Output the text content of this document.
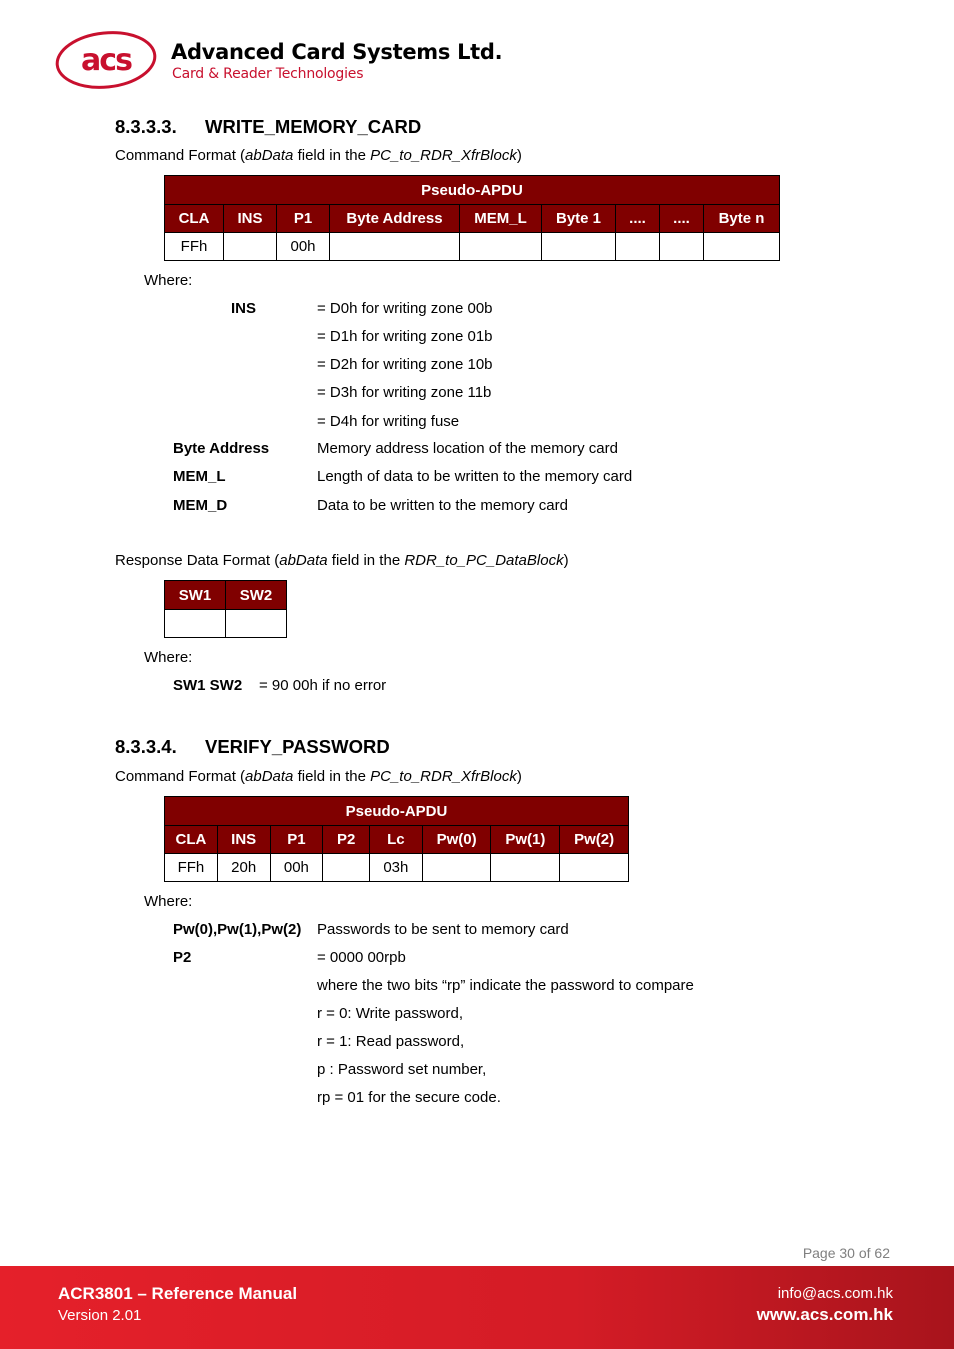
acs Advanced Card Systems Ltd.
Card & Reader Technologies
8.3.3.3. WRITE_MEMORY_CARD
Command Format (abData field in the PC_to_RDR_XfrBlock)
Pseudo-APDU								
CLA	INS	P1	Byte Address	MEM_L	Byte 1	....	....	Byte n
FFh		00h						
Where:
INS	= D0h for writing zone 00b
= D1h for writing zone 01b
= D2h for writing zone 10b
= D3h for writing zone 11b
= D4h for writing fuse
Byte Address	Memory address location of the memory card
MEM_L	Length of data to be written to the memory card
MEM_D	Data to be written to the memory card
Response Data Format (abData field in the RDR_to_PC_DataBlock)
SW1	SW2

Where:
SW1 SW2 = 90 00h if no error
8.3.3.4. VERIFY_PASSWORD
Command Format (abData field in the PC_to_RDR_XfrBlock)
Pseudo-APDU							
CLA	INS	P1	P2	Lc	Pw(0)	Pw(1)	Pw(2)
FFh	20h	00h		03h			
Where:
Pw(0),Pw(1),Pw(2) Passwords to be sent to memory card
P2	= 0000 00rpb
where the two bits “rp” indicate the password to compare
r = 0: Write password,
r = 1: Read password,
p : Password set number,
rp = 01 for the secure code.
Page 30 of 62
ACR3801 – Reference Manual
Version 2.01
info@acs.com.hk
www.acs.com.hk
